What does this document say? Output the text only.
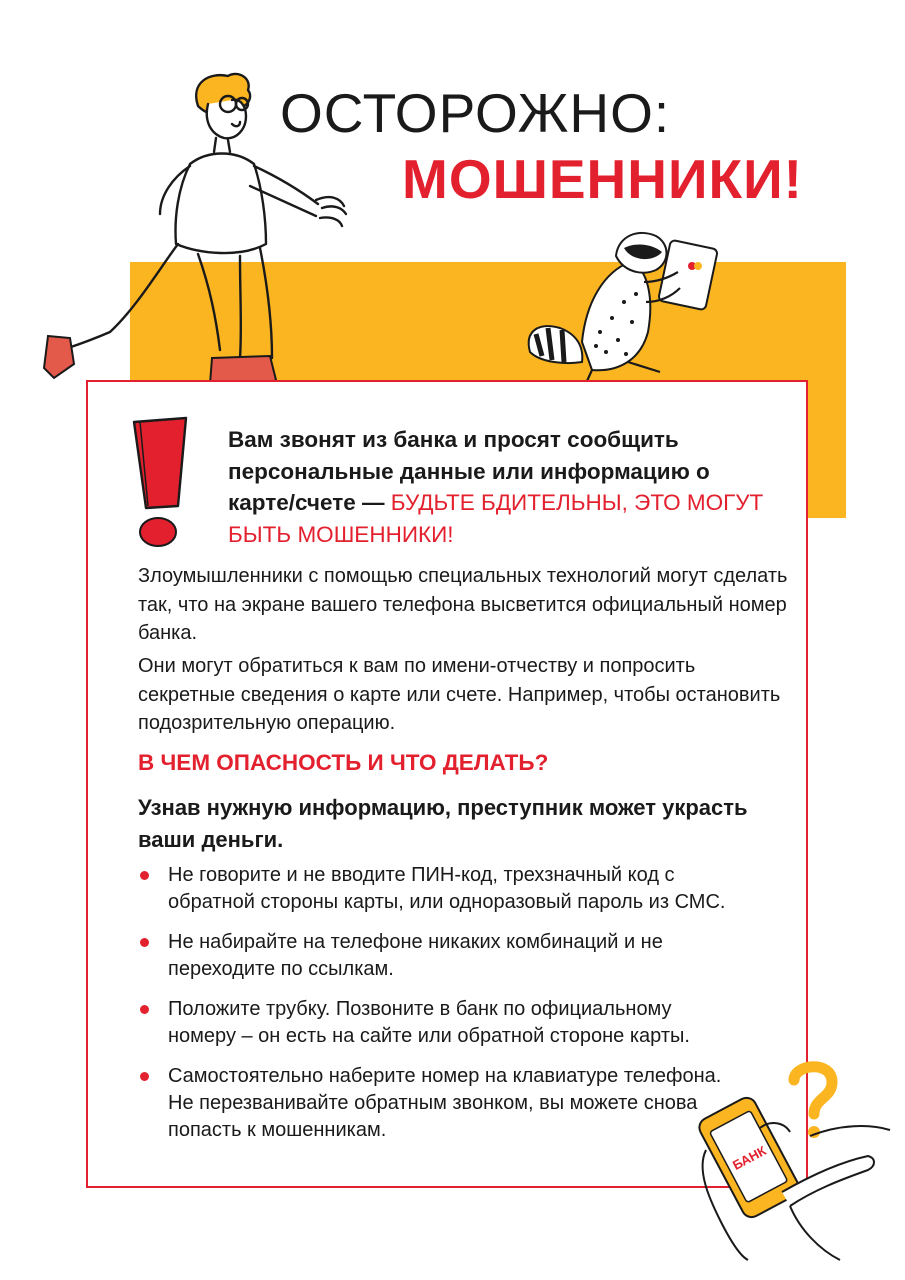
ОСТОРОЖНО:
МОШЕННИКИ!

Вам звонят из банка и просят сообщить персональные данные или информацию о карте/счете — БУДЬТЕ БДИТЕЛЬНЫ, ЭТО МОГУТ БЫТЬ МОШЕННИКИ!

Злоумышленники с помощью специальных технологий могут сделать так, что на экране вашего телефона высветится официальный номер банка.

Они могут обратиться к вам по имени-отчеству и попросить секретные сведения о карте или счете. Например, чтобы остановить подозрительную операцию.

В ЧЕМ ОПАСНОСТЬ И ЧТО ДЕЛАТЬ?

Узнав нужную информацию, преступник может украсть ваши деньги.

Не говорите и не вводите ПИН-код, трехзначный код с обратной стороны карты, или одноразовый пароль из СМС.
Не набирайте на телефоне никаких комбинаций и не переходите по ссылкам.
Положите трубку. Позвоните в банк по официальному номеру – он есть на сайте или обратной стороне карты.
Самостоятельно наберите номер на клавиатуре телефона. Не перезванивайте обратным звонком, вы можете снова попасть к мошенникам.
БАНК
